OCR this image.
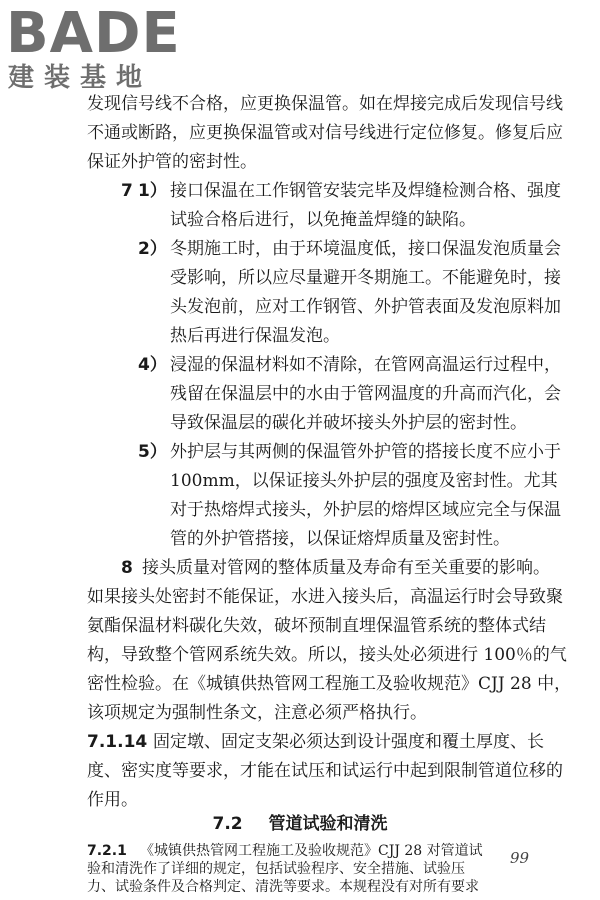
BADE
建装基地
发现信号线不合格，应更换保温管。如在焊接完成后发现信号线
不通或断路，应更换保温管或对信号线进行定位修复。修复后应
保证外护管的密封性。
7 1） 接口保温在工作钢管安装完毕及焊缝检测合格、强度
试验合格后进行，以免掩盖焊缝的缺陷。
2） 冬期施工时，由于环境温度低，接口保温发泡质量会
受影响，所以应尽量避开冬期施工。不能避免时，接
头发泡前，应对工作钢管、外护管表面及发泡原料加
热后再进行保温发泡。
4） 浸湿的保温材料如不清除，在管网高温运行过程中，
残留在保温层中的水由于管网温度的升高而汽化，会
导致保温层的碳化并破坏接头外护层的密封性。
5） 外护层与其两侧的保温管外护管的搭接长度不应小于
100mm，以保证接头外护层的强度及密封性。尤其
对于热熔焊式接头，外护层的熔焊区域应完全与保温
管的外护管搭接，以保证熔焊质量及密封性。
8 接头质量对管网的整体质量及寿命有至关重要的影响。
如果接头处密封不能保证，水进入接头后，高温运行时会导致聚
氨酯保温材料碳化失效，破坏预制直埋保温管系统的整体式结
构，导致整个管网系统失效。所以，接头处必须进行 100％的气
密性检验。在《城镇供热管网工程施工及验收规范》CJJ 28 中，
该项规定为强制性条文，注意必须严格执行。
7.1.14 固定墩、固定支架必须达到设计强度和覆土厚度、长
度、密实度等要求，才能在试压和试运行中起到限制管道位移的
作用。
7.2 管道试验和清洗
7.2.1 《城镇供热管网工程施工及验收规范》CJJ 28 对管道试
验和清洗作了详细的规定，包括试验程序、安全措施、试验压
力、试验条件及合格判定、清洗等要求。本规程没有对所有要求
99
